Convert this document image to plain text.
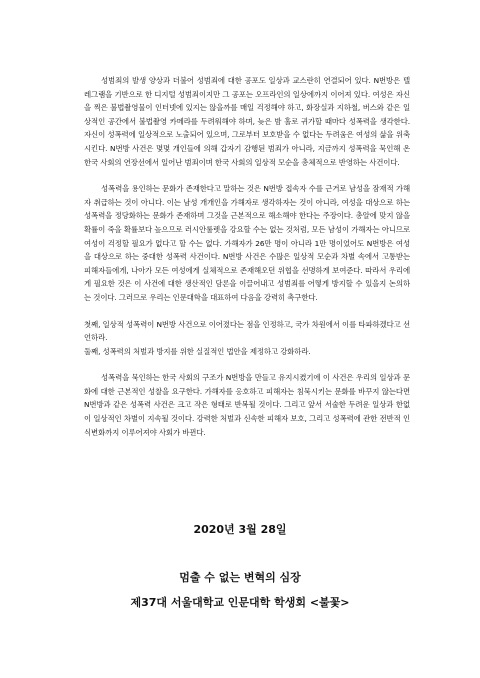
성범죄의 발생 양상과 더불어 성범죄에 대한 공포도 일상과 교스란히 연결되어 있다. N번방은 텔레그램을 기반으로 한 디지털 성범죄이지만 그 공포는 오프라인의 일상에까지 이어져 있다. 여성은 자신을 찍은 불법촬영물이 인터넷에 있지는 않을까를 매일 걱정해야 하고, 화장실과 지하철, 버스와 같은 일상적인 공간에서 불법촬영 카메라를 두려워해야 하며, 늦은 밤 홀로 귀가할 때마다 성폭력을 생각한다. 자신이 성폭력에 일상적으로 노출되어 있으며, 그로부터 보호받을 수 없다는 두려움은 여성의 삶을 위축시킨다. N번방 사건은 몇몇 개인들에 의해 갑자기 감행된 범죄가 아니라, 지금까지 성폭력을 묵인해 온 한국 사회의 연장선에서 일어난 범죄이며 한국 사회의 일상적 모순을 총체적으로 반영하는 사건이다.

성폭력을 용인하는 문화가 존재한다고 말하는 것은 N번방 접속자 수를 근거로 남성을 잠재적 가해자 취급하는 것이 아니다. 이는 남성 개개인을 가해자로 생각하자는 것이 아니라, 여성을 대상으로 하는 성폭력을 정당화하는 문화가 존재하며 그것을 근본적으로 해소해야 한다는 주장이다. 총알에 맞지 않을 확률이 죽을 확률보다 높으므로 러시안룰렛을 강요할 수는 없는 것처럼, 모든 남성이 가해자는 아니므로 여성이 걱정할 필요가 없다고 할 수는 없다. 가해자가 26만 명이 아니라 1만 명이었어도 N번방은 여성을 대상으로 하는 중대한 성폭력 사건이다. N번방 사건은 수많은 일상적 모순과 차별 속에서 고통받는 피해자들에게, 나아가 모든 여성에게 실체적으로 존재해오던 위협을 선명하게 보여준다. 따라서 우리에게 필요한 것은 이 사건에 대한 생산적인 담론을 이끌어내고 성범죄를 어떻게 방지할 수 있을지 논의하는 것이다. 그러므로 우리는 인문대학을 대표하여 다음을 강력히 촉구한다.

첫째, 일상적 성폭력이 N번방 사건으로 이어졌다는 점을 인정하고, 국가 차원에서 이를 타파하겠다고 선언하라.

둘째, 성폭력의 처벌과 방지를 위한 실질적인 법안을 제정하고 강화하라.

성폭력을 묵인하는 한국 사회의 구조가 N번방을 만들고 유지시켰기에 이 사건은 우리의 일상과 문화에 대한 근본적인 성찰을 요구한다. 가해자를 옹호하고 피해자는 침묵시키는 문화를 바꾸지 않는다면 N번방과 같은 성폭력 사건은 크고 작은 형태로 반복될 것이다. 그리고 앞서 서술한 두려운 일상과 한없이 일상적인 차별이 지속될 것이다. 강력한 처벌과 신속한 피해자 보호, 그리고 성폭력에 관한 전반적 인식변화까지 이루어져야 사회가 바뀐다.

2020년 3월 28일
멈출 수 없는 변혁의 심장
제37대 서울대학교 인문대학 학생회 <불꽃>
